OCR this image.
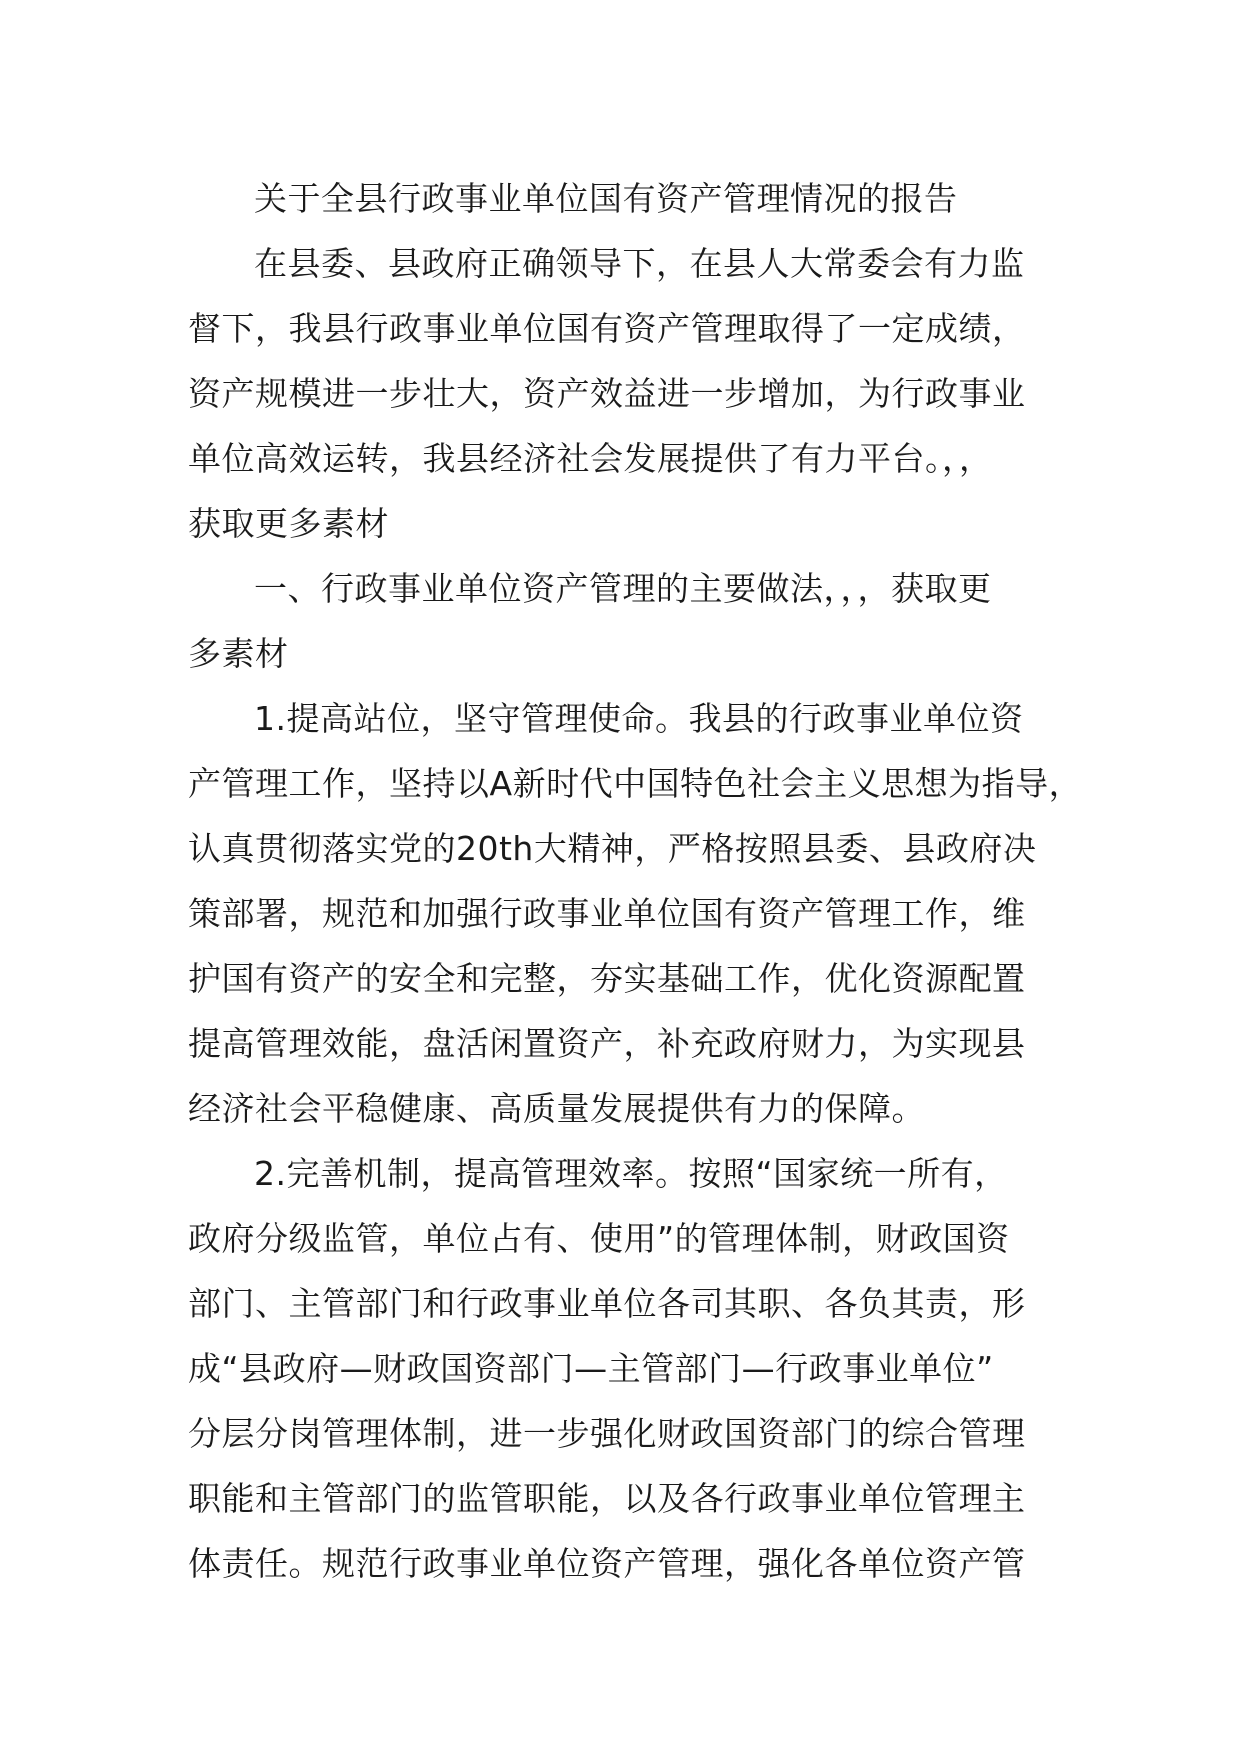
关于全县行政事业单位国有资产管理情况的报告
在县委、县政府正确领导下，在县人大常委会有力监
督下，我县行政事业单位国有资产管理取得了一定成绩，
资产规模进一步壮大，资产效益进一步增加，为行政事业
单位高效运转，我县经济社会发展提供了有力平台。，，
获取更多素材
一、行政事业单位资产管理的主要做法，，，获取更
多素材
1.提高站位，坚守管理使命。我县的行政事业单位资
产管理工作，坚持以A新时代中国特色社会主义思想为指导，
认真贯彻落实党的20th大精神，严格按照县委、县政府决
策部署，规范和加强行政事业单位国有资产管理工作，维
护国有资产的安全和完整，夯实基础工作，优化资源配置
提高管理效能，盘活闲置资产，补充政府财力，为实现县
经济社会平稳健康、高质量发展提供有力的保障。
2.完善机制，提高管理效率。按照“国家统一所有，
政府分级监管，单位占有、使用”的管理体制，财政国资
部门、主管部门和行政事业单位各司其职、各负其责，形
成“县政府—财政国资部门—主管部门—行政事业单位”
分层分岗管理体制，进一步强化财政国资部门的综合管理
职能和主管部门的监管职能，以及各行政事业单位管理主
体责任。规范行政事业单位资产管理，强化各单位资产管
